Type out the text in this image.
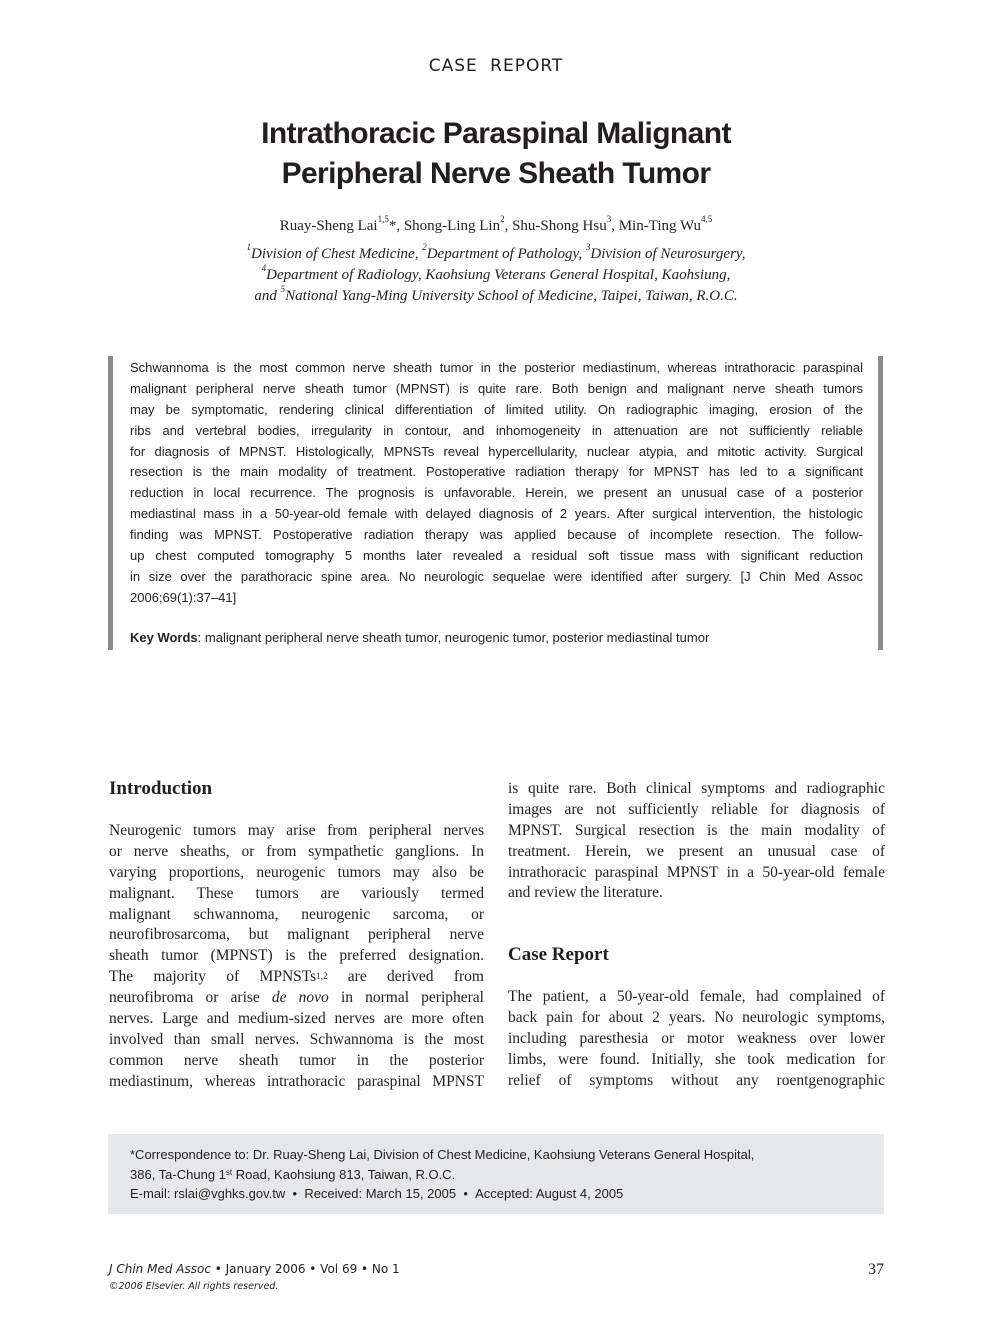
CASE REPORT
Intrathoracic Paraspinal Malignant
Peripheral Nerve Sheath Tumor
Ruay-Sheng Lai$^{1,5}$*, Shong-Ling Lin$^2$, Shu-Shong Hsu$^3$, Min-Ting Wu$^{4,5}$
$^1$Division of Chest Medicine, $^2$Department of Pathology, $^3$Division of Neurosurgery,
$^4$Department of Radiology, Kaohsiung Veterans General Hospital, Kaohsiung,
and $^5$National Yang-Ming University School of Medicine, Taipei, Taiwan, R.O.C.
Schwannoma is the most common nerve sheath tumor in the posterior mediastinum, whereas intrathoracic paraspinal
malignant peripheral nerve sheath tumor (MPNST) is quite rare. Both benign and malignant nerve sheath tumors
may be symptomatic, rendering clinical differentiation of limited utility. On radiographic imaging, erosion of the
ribs and vertebral bodies, irregularity in contour, and inhomogeneity in attenuation are not sufficiently reliable
for diagnosis of MPNST. Histologically, MPNSTs reveal hypercellularity, nuclear atypia, and mitotic activity. Surgical
resection is the main modality of treatment. Postoperative radiation therapy for MPNST has led to a significant
reduction in local recurrence. The prognosis is unfavorable. Herein, we present an unusual case of a posterior
mediastinal mass in a 50-year-old female with delayed diagnosis of 2 years. After surgical intervention, the histologic
finding was MPNST. Postoperative radiation therapy was applied because of incomplete resection. The follow-
up chest computed tomography 5 months later revealed a residual soft tissue mass with significant reduction
in size over the parathoracic spine area. No neurologic sequelae were identified after surgery. [J Chin Med Assoc
2006;69(1):37–41]
Key Words: malignant peripheral nerve sheath tumor, neurogenic tumor, posterior mediastinal tumor
Introduction
Neurogenic tumors may arise from peripheral nerves
or nerve sheaths, or from sympathetic ganglions. In
varying proportions, neurogenic tumors may also be
malignant. These tumors are variously termed
malignant schwannoma, neurogenic sarcoma, or
neurofibrosarcoma, but malignant peripheral nerve
sheath tumor (MPNST) is the preferred designation.
The majority of MPNSTs$^{1,2}$ are derived from
neurofibroma or arise de novo in normal peripheral
nerves. Large and medium-sized nerves are more often
involved than small nerves. Schwannoma is the most
common nerve sheath tumor in the posterior
mediastinum, whereas intrathoracic paraspinal MPNST
is quite rare. Both clinical symptoms and radiographic
images are not sufficiently reliable for diagnosis of
MPNST. Surgical resection is the main modality of
treatment. Herein, we present an unusual case of
intrathoracic paraspinal MPNST in a 50-year-old female
and review the literature.
Case Report
The patient, a 50-year-old female, had complained of
back pain for about 2 years. No neurologic symptoms,
including paresthesia or motor weakness over lower
limbs, were found. Initially, she took medication for
relief of symptoms without any roentgenographic
*Correspondence to: Dr. Ruay-Sheng Lai, Division of Chest Medicine, Kaohsiung Veterans General Hospital,
386, Ta-Chung 1st Road, Kaohsiung 813, Taiwan, R.O.C.
E-mail: rslai@vghks.gov.tw • Received: March 15, 2005 • Accepted: August 4, 2005
J Chin Med Assoc • January 2006 • Vol 69 • No 1
©2006 Elsevier. All rights reserved.
37
